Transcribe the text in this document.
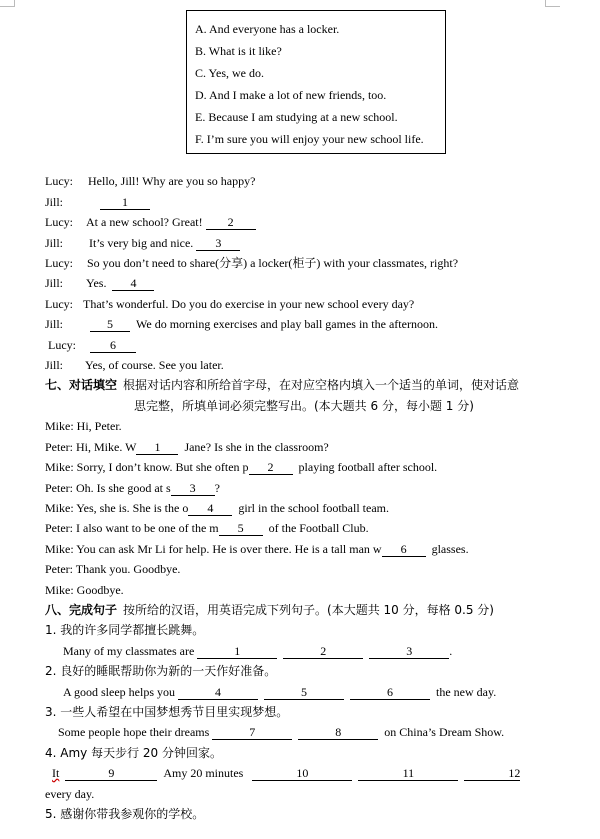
A. And everyone has a locker.
B. What is it like?
C. Yes, we do.
D. And I make a lot of new friends, too.
E. Because I am studying at a new school.
F. I’m sure you will enjoy your new school life.
Lucy: Hello, Jill! Why are you so happy?
Jill:	1
Lucy: At a new school? Great! 2
Jill: It’s very big and nice. 3
Lucy: So you don’t need to share(分享) a locker(柜子) with your classmates, right?
Jill: Yes. 4
Lucy: That’s wonderful. Do you do exercise in your new school every day?
Jill:	5 We do morning exercises and play ball games in the afternoon.
Lucy:	6
Jill: Yes, of course. See you later.
七、对话填空 根据对话内容和所给首字母，在对应空格内填入一个适当的单词，使对话意
思完整，所填单词必须完整写出。(本大题共 6 分，每小题 1 分)
Mike: Hi, Peter.
Peter: Hi, Mike. W 1 Jane? Is she in the classroom?
Mike: Sorry, I don’t know. But she often p 2 playing football after school.
Peter: Oh. Is she good at s 3 ?
Mike: Yes, she is. She is the o 4 girl in the school football team.
Peter: I also want to be one of the m 5 of the Football Club.
Mike: You can ask Mr Li for help. He is over there. He is a tall man w 6 glasses.
Peter: Thank you. Goodbye.
Mike: Goodbye.
八、完成句子 按所给的汉语，用英语完成下列句子。(本大题共 10 分，每格 0.5 分)
1. 我的许多同学都擅长跳舞。
Many of my classmates are	1	2	3	.
2. 良好的睡眠帮助你为新的一天作好准备。
A good sleep helps you	4	5	6	the new day.
3. 一些人希望在中国梦想秀节目里实现梦想。
Some people hope their dreams	7	8	on China’s Dream Show.
4. Amy 每天步行 20 分钟回家。
It	9	Amy 20 minutes	10	11	12
every day.
5. 感谢你带我参观你的学校。
